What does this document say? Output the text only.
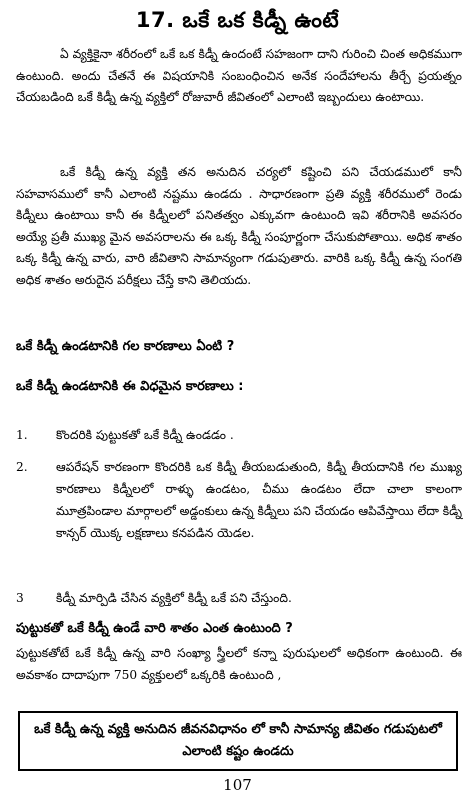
17. ఒకే ఒక కిడ్నీ ఉంటే
ఏ వ్యక్తికైనా శరీరంలో ఒకే ఒక కిడ్నీ ఉందంటే సహజంగా దాని గురించి చింత అధికముగా ఉంటుంది. అందు చేతనే ఈ విషయానికి సంబంధించిన అనేక సందేహాలను తీర్చే ప్రయత్నం చేయబడింది ఒకే కిడ్నీ ఉన్న వ్యక్తిలో రోజువారీ జీవితంలో ఎలాంటి ఇబ్బందులు ఉంటాయి.
ఒకే కిడ్నీ ఉన్న వ్యక్తి తన అనుదిన చర్యలో కష్టించి పని చేయడములో కానీ సహవాసములో కానీ ఎలాంటి నష్టము ఉండదు . సాధారణంగా ప్రతి వ్యక్తి శరీరములో రెండు కిడ్నీలు ఉంటాయి కానీ ఈ కిడ్నీలలో పనితత్వం ఎక్కువగా ఉంటుంది ఇవి శరీరానికి అవసరం అయ్యే ప్రతీ ముఖ్య మైన అవసరాలను ఈ ఒక్క కిడ్నీ సంపూర్ణంగా చేసుకుపోతాయి. అధిక శాతం ఒక్క కిడ్నీ ఉన్న వారు, వారి జీవితాని సామాన్యంగా గడుపుతారు. వారికి ఒక్క కిడ్నీ ఉన్న సంగతి అధిక శాతం అరుదైన పరీక్షలు చేస్తే కాని తెలియదు.
ఒకే కిడ్నీ ఉండటానికి గల కారణాలు ఏంటి ?
ఒకే కిడ్నీ ఉండటానికి ఈ విధమైన కారణాలు :
1.	కొందరికి పుట్టుకతో ఒకే కిడ్నీ ఉండడం .
2.	ఆపరేషన్ కారణంగా కొందరికి ఒక కిడ్నీ తీయబడుతుంది, కిడ్నీ తీయదానికి గల ముఖ్య కారణాలు కిడ్నీలలో రాళ్ళు ఉండటం, చీము ఉండటం లేదా చాలా కాలంగా మూత్రపిండాల మార్గాలలో అడ్డంకులు ఉన్న కిడ్నీలు పని చేయడం ఆపివేస్తాయి లేదా కిడ్నీ కాన్సర్ యొక్క లక్షణాలు కనపడిన యెడల.
3	కిడ్నీ మార్పిడి చేసిన వ్యక్తిలో కిడ్నీ ఒకే పని చేస్తుంది.
పుట్టుకతో ఒకే కిడ్నీ ఉండే వారి శాతం ఎంత ఉంటుంది ?
పుట్టుకతోటే ఒకే కిడ్నీ ఉన్న వారి సంఖ్యా స్త్రీలలో కన్నా పురుషులలో అధికంగా ఉంటుంది. ఈ అవకాశం దాదాపుగా 750 వ్యక్తులలో ఒక్కరికి ఉంటుంది ,
ఒకే కిడ్నీ ఉన్న వ్యక్తి అనుదిన జీవనవిధానం లో కానీ సామాన్య జీవితం గడుపుటలో ఎలాంటి కష్టం ఉండదు
107
